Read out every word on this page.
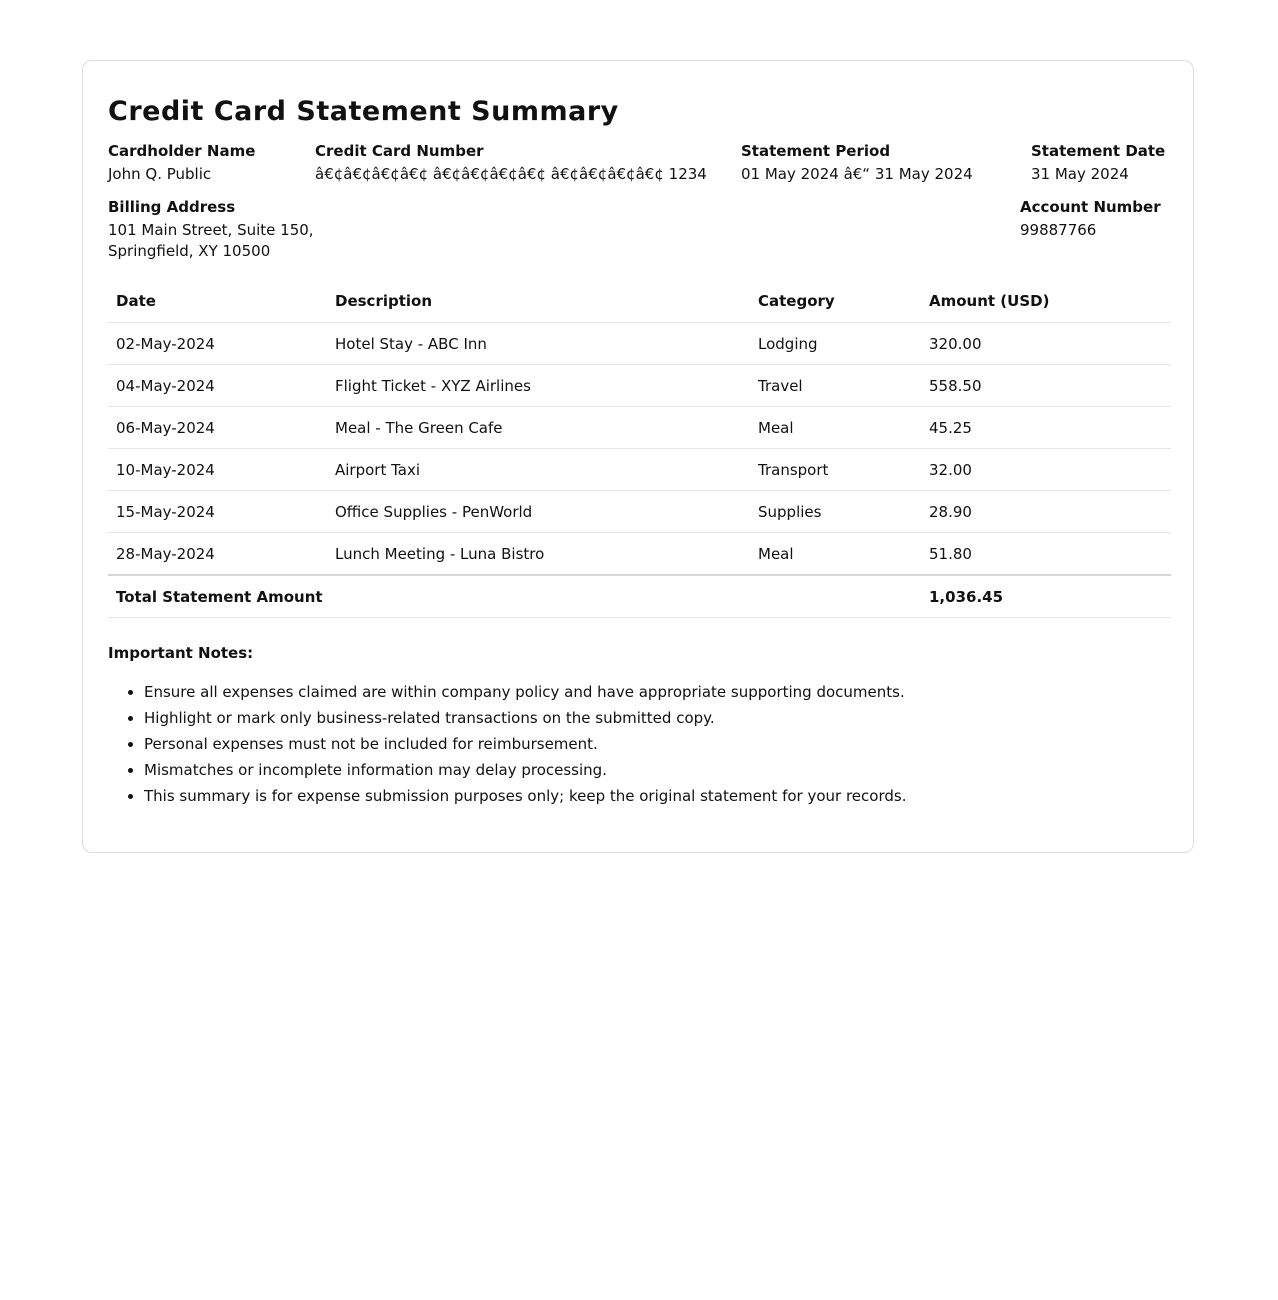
Credit Card Statement Summary
Cardholder Name
John Q. Public
Credit Card Number
â€¢â€¢â€¢â€¢ â€¢â€¢â€¢â€¢ â€¢â€¢â€¢â€¢ 1234
Statement Period
01 May 2024 â€“ 31 May 2024
Statement Date
31 May 2024
Billing Address
101 Main Street, Suite 150,
Springfield, XY 10500
Account Number
99887766
Date	Description	Category	Amount (USD)
02-May-2024	Hotel Stay - ABC Inn	Lodging	320.00
04-May-2024	Flight Ticket - XYZ Airlines	Travel	558.50
06-May-2024	Meal - The Green Cafe	Meal	45.25
10-May-2024	Airport Taxi	Transport	32.00
15-May-2024	Office Supplies - PenWorld	Supplies	28.90
28-May-2024	Lunch Meeting - Luna Bistro	Meal	51.80
Total Statement Amount			1,036.45
Important Notes:
• Ensure all expenses claimed are within company policy and have appropriate supporting documents.
• Highlight or mark only business-related transactions on the submitted copy.
• Personal expenses must not be included for reimbursement.
• Mismatches or incomplete information may delay processing.
• This summary is for expense submission purposes only; keep the original statement for your records.
